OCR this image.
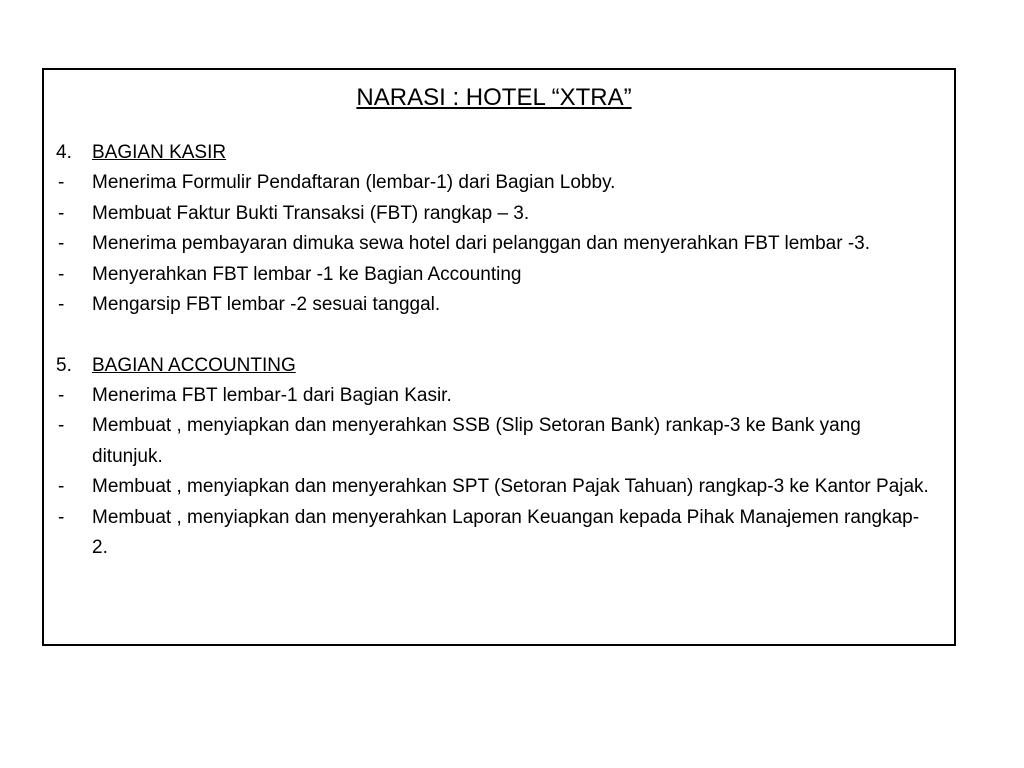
NARASI : HOTEL “XTRA”
4.	BAGIAN KASIR
-	Menerima Formulir Pendaftaran (lembar-1) dari Bagian Lobby.
-	Membuat Faktur Bukti Transaksi (FBT) rangkap – 3.
-	Menerima pembayaran dimuka sewa hotel dari pelanggan dan menyerahkan FBT lembar -3.
-	Menyerahkan FBT lembar -1 ke Bagian Accounting
-	Mengarsip FBT lembar -2 sesuai tanggal.
5.	BAGIAN ACCOUNTING
-	Menerima FBT lembar-1 dari Bagian Kasir.
-	Membuat , menyiapkan dan menyerahkan SSB (Slip Setoran Bank) rankap-3 ke Bank yang ditunjuk.
-	Membuat , menyiapkan dan menyerahkan SPT (Setoran Pajak Tahuan) rangkap-3 ke Kantor Pajak.
-	Membuat , menyiapkan dan menyerahkan Laporan Keuangan kepada Pihak Manajemen rangkap-2.
